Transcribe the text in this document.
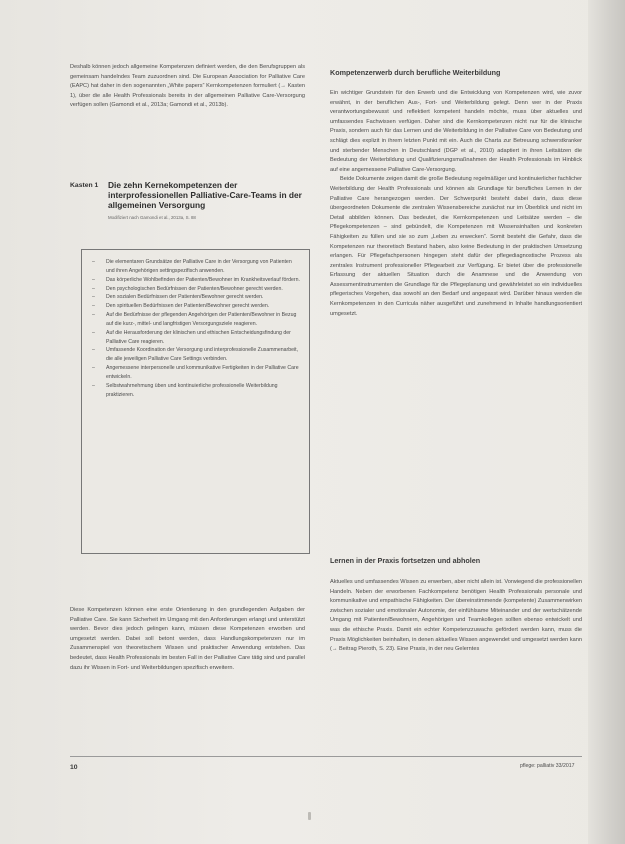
Deshalb können jedoch allgemeine Kompetenzen definiert werden, die den Berufsgruppen als gemeinsam handelndes Team zuzuordnen sind. Die European Association for Palliative Care (EAPC) hat daher in den sogenannten „White papers“ Kernkompetenzen formuliert (→ Kasten 1), über die alle Health Professionals bereits in der allgemeinen Palliative Care-Versorgung verfügen sollen (Gamondi et al., 2013a; Gamondi et al., 2013b).

Kasten 1 Die zehn Kernekompetenzen der interprofessionellen Palliative-Care-Teams in der allgemeinen Versorgung
Modifiziert nach Gamondi et al., 2013a, S. 88
– Die elementaren Grundsätze der Palliative Care in der Versorgung von Patienten und ihren Angehörigen settingspezifisch anwenden.
– Das körperliche Wohlbefinden der Patienten/Bewohner im Krankheitsverlauf fördern.
– Den psychologischen Bedürfnissen der Patienten/Bewohner gerecht werden.
– Den sozialen Bedürfnissen der Patienten/Bewohner gerecht werden.
– Den spirituellen Bedürfnissen der Patienten/Bewohner gerecht werden.
– Auf die Bedürfnisse der pflegenden Angehörigen der Patienten/Bewohner in Bezug auf die kurz-, mittel- und langfristigen Versorgungsziele reagieren.
– Auf die Herausforderung der klinischen und ethischen Entscheidungsfindung der Palliative Care reagieren.
– Umfassende Koordination der Versorgung und interprofessionelle Zusammenarbeit, die alle jeweiligen Palliative Care Settings verbinden.
– Angemessene interpersonelle und kommunikative Fertigkeiten in der Palliative Care entwickeln.
– Selbstwahrnehmung üben und kontinuierliche professionelle Weiterbildung praktizieren.

Diese Kompetenzen können eine erste Orientierung in den grundlegenden Aufgaben der Palliative Care. Sie kann Sicherheit im Umgang mit den Anforderungen erlangt und unterstützt werden. Bevor dies jedoch gelingen kann, müssen diese Kompetenzen erworben und umgesetzt werden. Dabei soll betont werden, dass Handlungskompetenzen nur im Zusammenspiel von theoretischem Wissen und praktischer Anwendung entstehen. Das bedeutet, dass Health Professionals im besten Fall in der Palliative Care tätig sind und parallel dazu ihr Wissen in Fort- und Weiterbildungen spezifisch erweitern.

Kompetenzerwerb durch berufliche Weiterbildung

Ein wichtiger Grundstein für den Erwerb und die Entwicklung von Kompetenzen wird, wie zuvor erwähnt, in der beruflichen Aus-, Fort- und Weiterbildung gelegt. Denn wer in der Praxis verantwortungsbewusst und reflektiert kompetent handeln möchte, muss über aktuelles und umfassendes Fachwissen verfügen. Daher sind die Kernkompetenzen nicht nur für die klinische Praxis, sondern auch für das Lernen und die Weiterbildung in der Palliative Care von Bedeutung und schlägt dies explizit in ihrem letzten Punkt mit ein. Auch die Charta zur Betreuung schwerstkranker und sterbender Menschen in Deutschland (DGP et al., 2010) adaptiert in ihren Leitsätzen die Bedeutung der Weiterbildung und Qualifizierungsmaßnahmen der Health Professionals im Hinblick auf eine angemessene Palliative Care-Versorgung.

Beide Dokumente zeigen damit die große Bedeutung regelmäßiger und kontinuierlicher fachlicher Weiterbildung der Health Professionals und können als Grundlage für berufliches Lernen in der Palliative Care herangezogen werden. Der Schwerpunkt besteht dabei darin, dass diese übergeordneten Dokumente die zentralen Wissensbereiche zunächst nur im Überblick und nicht im Detail abbilden können. Das bedeutet, die Kernkompetenzen und Leitsätze werden – die Pflegekompetenzen – sind gebündelt, die Kompetenzen mit Wissensinhalten und konkreten Fähigkeiten zu füllen und sie so zum „Leben zu erwecken“. Somit besteht die Gefahr, dass die Kompetenzen nur theoretisch Bestand haben, also keine Bedeutung in der praktischen Umsetzung erlangen. Für Pflegefachpersonen hingegen steht dafür der pflegediagnostische Prozess als zentrales Instrument professioneller Pflegearbeit zur Verfügung. Er bietet über die professionelle Erfassung der aktuellen Situation durch die Anamnese und die Anwendung von Assessmentinstrumenten die Grundlage für die Pflegeplanung und gewährleistet so ein individuelles pflegerisches Vorgehen, das sowohl an den Bedarf und angepasst wird. Darüber hinaus werden die Kernkompetenzen in den Curricula näher ausgeführt und zunehmend in Inhalte handlungsorientiert umgesetzt.

Lernen in der Praxis fortsetzen und abholen

Aktuelles und umfassendes Wissen zu erwerben, aber nicht allein ist. Vorwiegend die professionellen Handeln. Neben der erworbenen Fachkompetenz benötigen Health Professionals personale und kommunikative und empathische Fähigkeiten. Der übereinstimmende (kompetente) Zusammenwirken zwischen sozialer und emotionaler Autonomie, der einfühlsame Miteinander und der wertschätzende Umgang mit Patienten/Bewohnern, Angehörigen und Teamkollegen sollten ebenso entwickelt und was die ethische Praxis. Damit ein echter Kompetenzzuwachs gefördert werden kann, muss die Praxis Möglichkeiten beinhalten, in denen aktuelles Wissen angewendet und umgesetzt werden kann (→ Beitrag Pieroth, S. 23). Eine Praxis, in der neu Gelerntes

10	pflege: palliativ 33/2017
